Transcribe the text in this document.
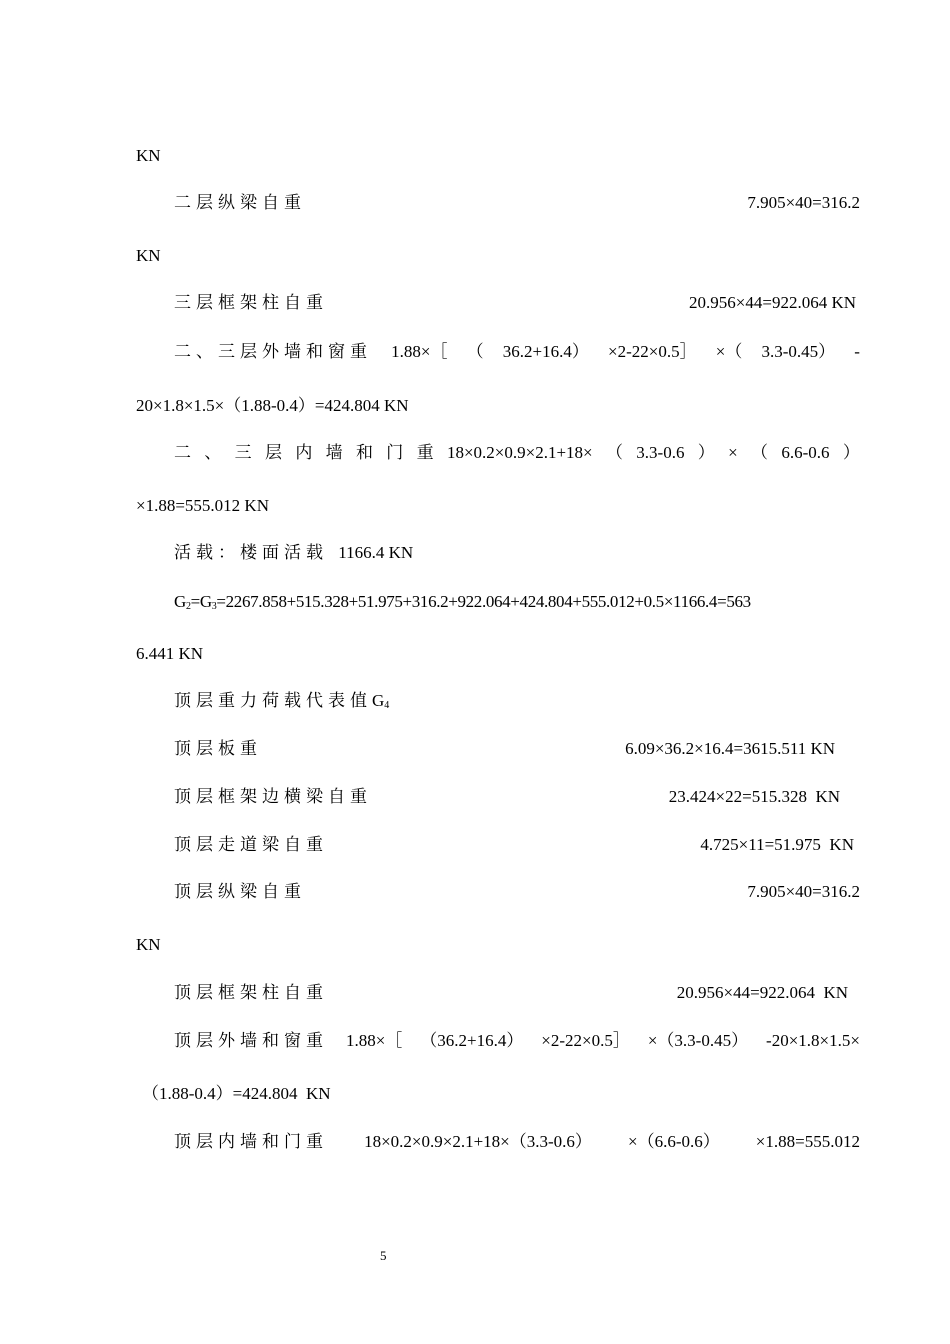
KN
二层纵梁自重	7.905×40=316.2
KN
三层框架柱自重	20.956×44=922.064 KN
二、三层外墙和窗重 1.88×［ （ 36.2+16.4） ×2-22×0.5］ ×（ 3.3-0.45） -
20×1.8×1.5×（1.88-0.4）=424.804 KN
二 、 三 层 内 墙 和 门 重 18×0.2×0.9×2.1+18× （ 3.3-0.6 ） × （ 6.6-0.6 ）
×1.88=555.012 KN
活载：楼面活载 1166.4 KN
$G_2=G_3=2267.858+515.328+51.975+316.2+922.064+424.804+555.012+0.5\times 1166.4=563$
6.441 KN
顶层重力荷载代表值$G_4$
顶层板重	6.09×36.2×16.4=3615.511 KN
顶层框架边横梁自重	23.424×22=515.328  KN
顶层走道梁自重	4.725×11=51.975  KN
顶层纵梁自重	7.905×40=316.2
KN
顶层框架柱自重	20.956×44=922.064  KN
顶层外墙和窗重 1.88×［ （36.2+16.4） ×2-22×0.5］ ×（3.3-0.45） -20×1.8×1.5×
（1.88-0.4）=424.804  KN
顶层内墙和门重 18×0.2×0.9×2.1+18×（3.3-0.6） ×（6.6-0.6） ×1.88=555.012
5
